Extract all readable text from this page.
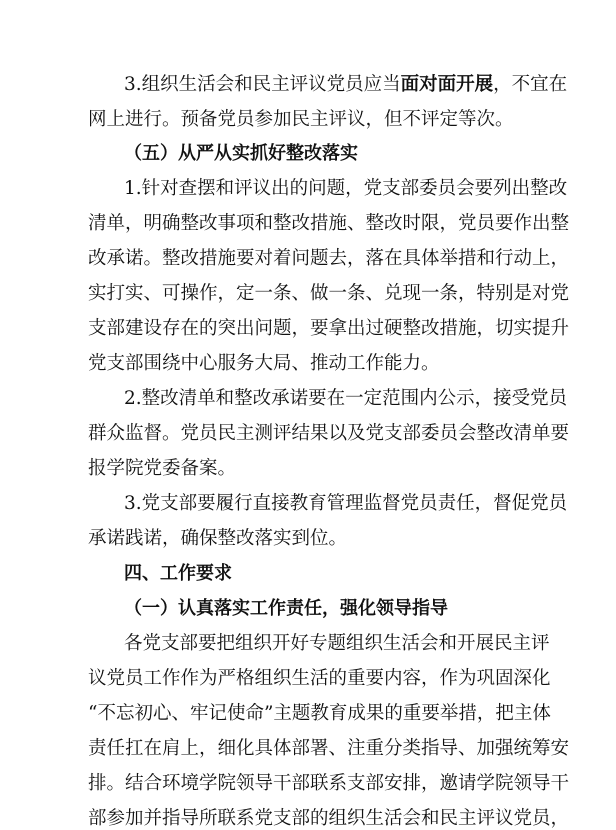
3.组织生活会和民主评议党员应当面对面开展，不宜在
网上进行。预备党员参加民主评议，但不评定等次。
（五）从严从实抓好整改落实
1.针对查摆和评议出的问题，党支部委员会要列出整改
清单，明确整改事项和整改措施、整改时限，党员要作出整
改承诺。整改措施要对着问题去，落在具体举措和行动上，
实打实、可操作，定一条、做一条、兑现一条，特别是对党
支部建设存在的突出问题，要拿出过硬整改措施，切实提升
党支部围绕中心服务大局、推动工作能力。
2.整改清单和整改承诺要在一定范围内公示，接受党员
群众监督。党员民主测评结果以及党支部委员会整改清单要
报学院党委备案。
3.党支部要履行直接教育管理监督党员责任，督促党员
承诺践诺，确保整改落实到位。
四、工作要求
（一）认真落实工作责任，强化领导指导
各党支部要把组织开好专题组织生活会和开展民主评
议党员工作作为严格组织生活的重要内容，作为巩固深化
“不忘初心、牢记使命”主题教育成果的重要举措，把主体
责任扛在肩上，细化具体部署、注重分类指导、加强统筹安
排。结合环境学院领导干部联系支部安排，邀请学院领导干
部参加并指导所联系党支部的组织生活会和民主评议党员，
